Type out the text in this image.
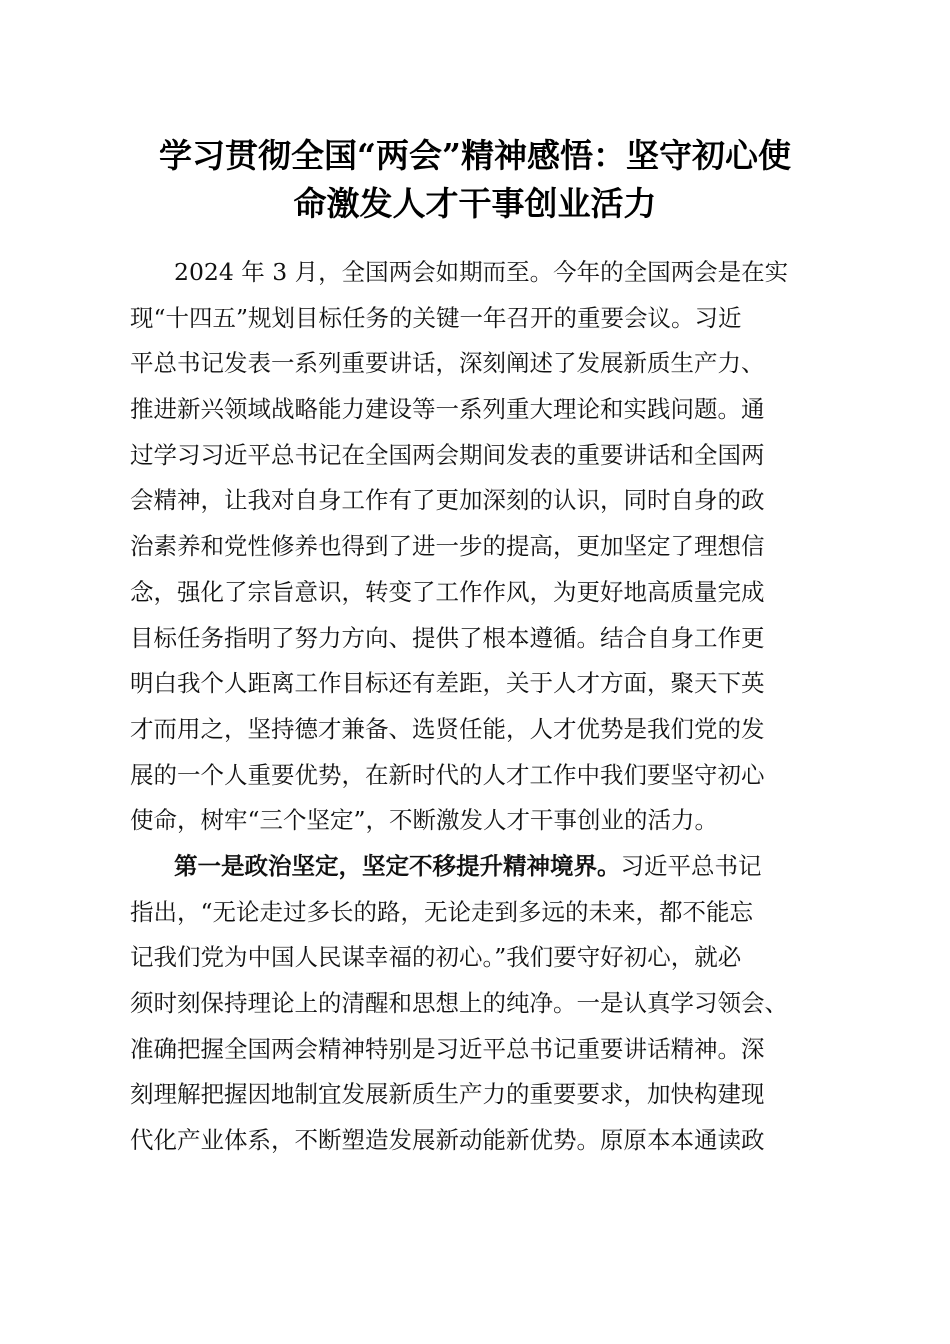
学习贯彻全国“两会”精神感悟：坚守初心使
命激发人才干事创业活力
2024 年 3 月，全国两会如期而至。今年的全国两会是在实
现“十四五”规划目标任务的关键一年召开的重要会议。习近
平总书记发表一系列重要讲话，深刻阐述了发展新质生产力、
推进新兴领域战略能力建设等一系列重大理论和实践问题。通
过学习习近平总书记在全国两会期间发表的重要讲话和全国两
会精神，让我对自身工作有了更加深刻的认识，同时自身的政
治素养和党性修养也得到了进一步的提高，更加坚定了理想信
念，强化了宗旨意识，转变了工作作风，为更好地高质量完成
目标任务指明了努力方向、提供了根本遵循。结合自身工作更
明白我个人距离工作目标还有差距，关于人才方面，聚天下英
才而用之，坚持德才兼备、选贤任能，人才优势是我们党的发
展的一个人重要优势，在新时代的人才工作中我们要坚守初心
使命，树牢“三个坚定”，不断激发人才干事创业的活力。
第一是政治坚定，坚定不移提升精神境界。习近平总书记
指出，“无论走过多长的路，无论走到多远的未来，都不能忘
记我们党为中国人民谋幸福的初心。”我们要守好初心，就必
须时刻保持理论上的清醒和思想上的纯净。一是认真学习领会、
准确把握全国两会精神特别是习近平总书记重要讲话精神。深
刻理解把握因地制宜发展新质生产力的重要要求，加快构建现
代化产业体系，不断塑造发展新动能新优势。原原本本通读政
